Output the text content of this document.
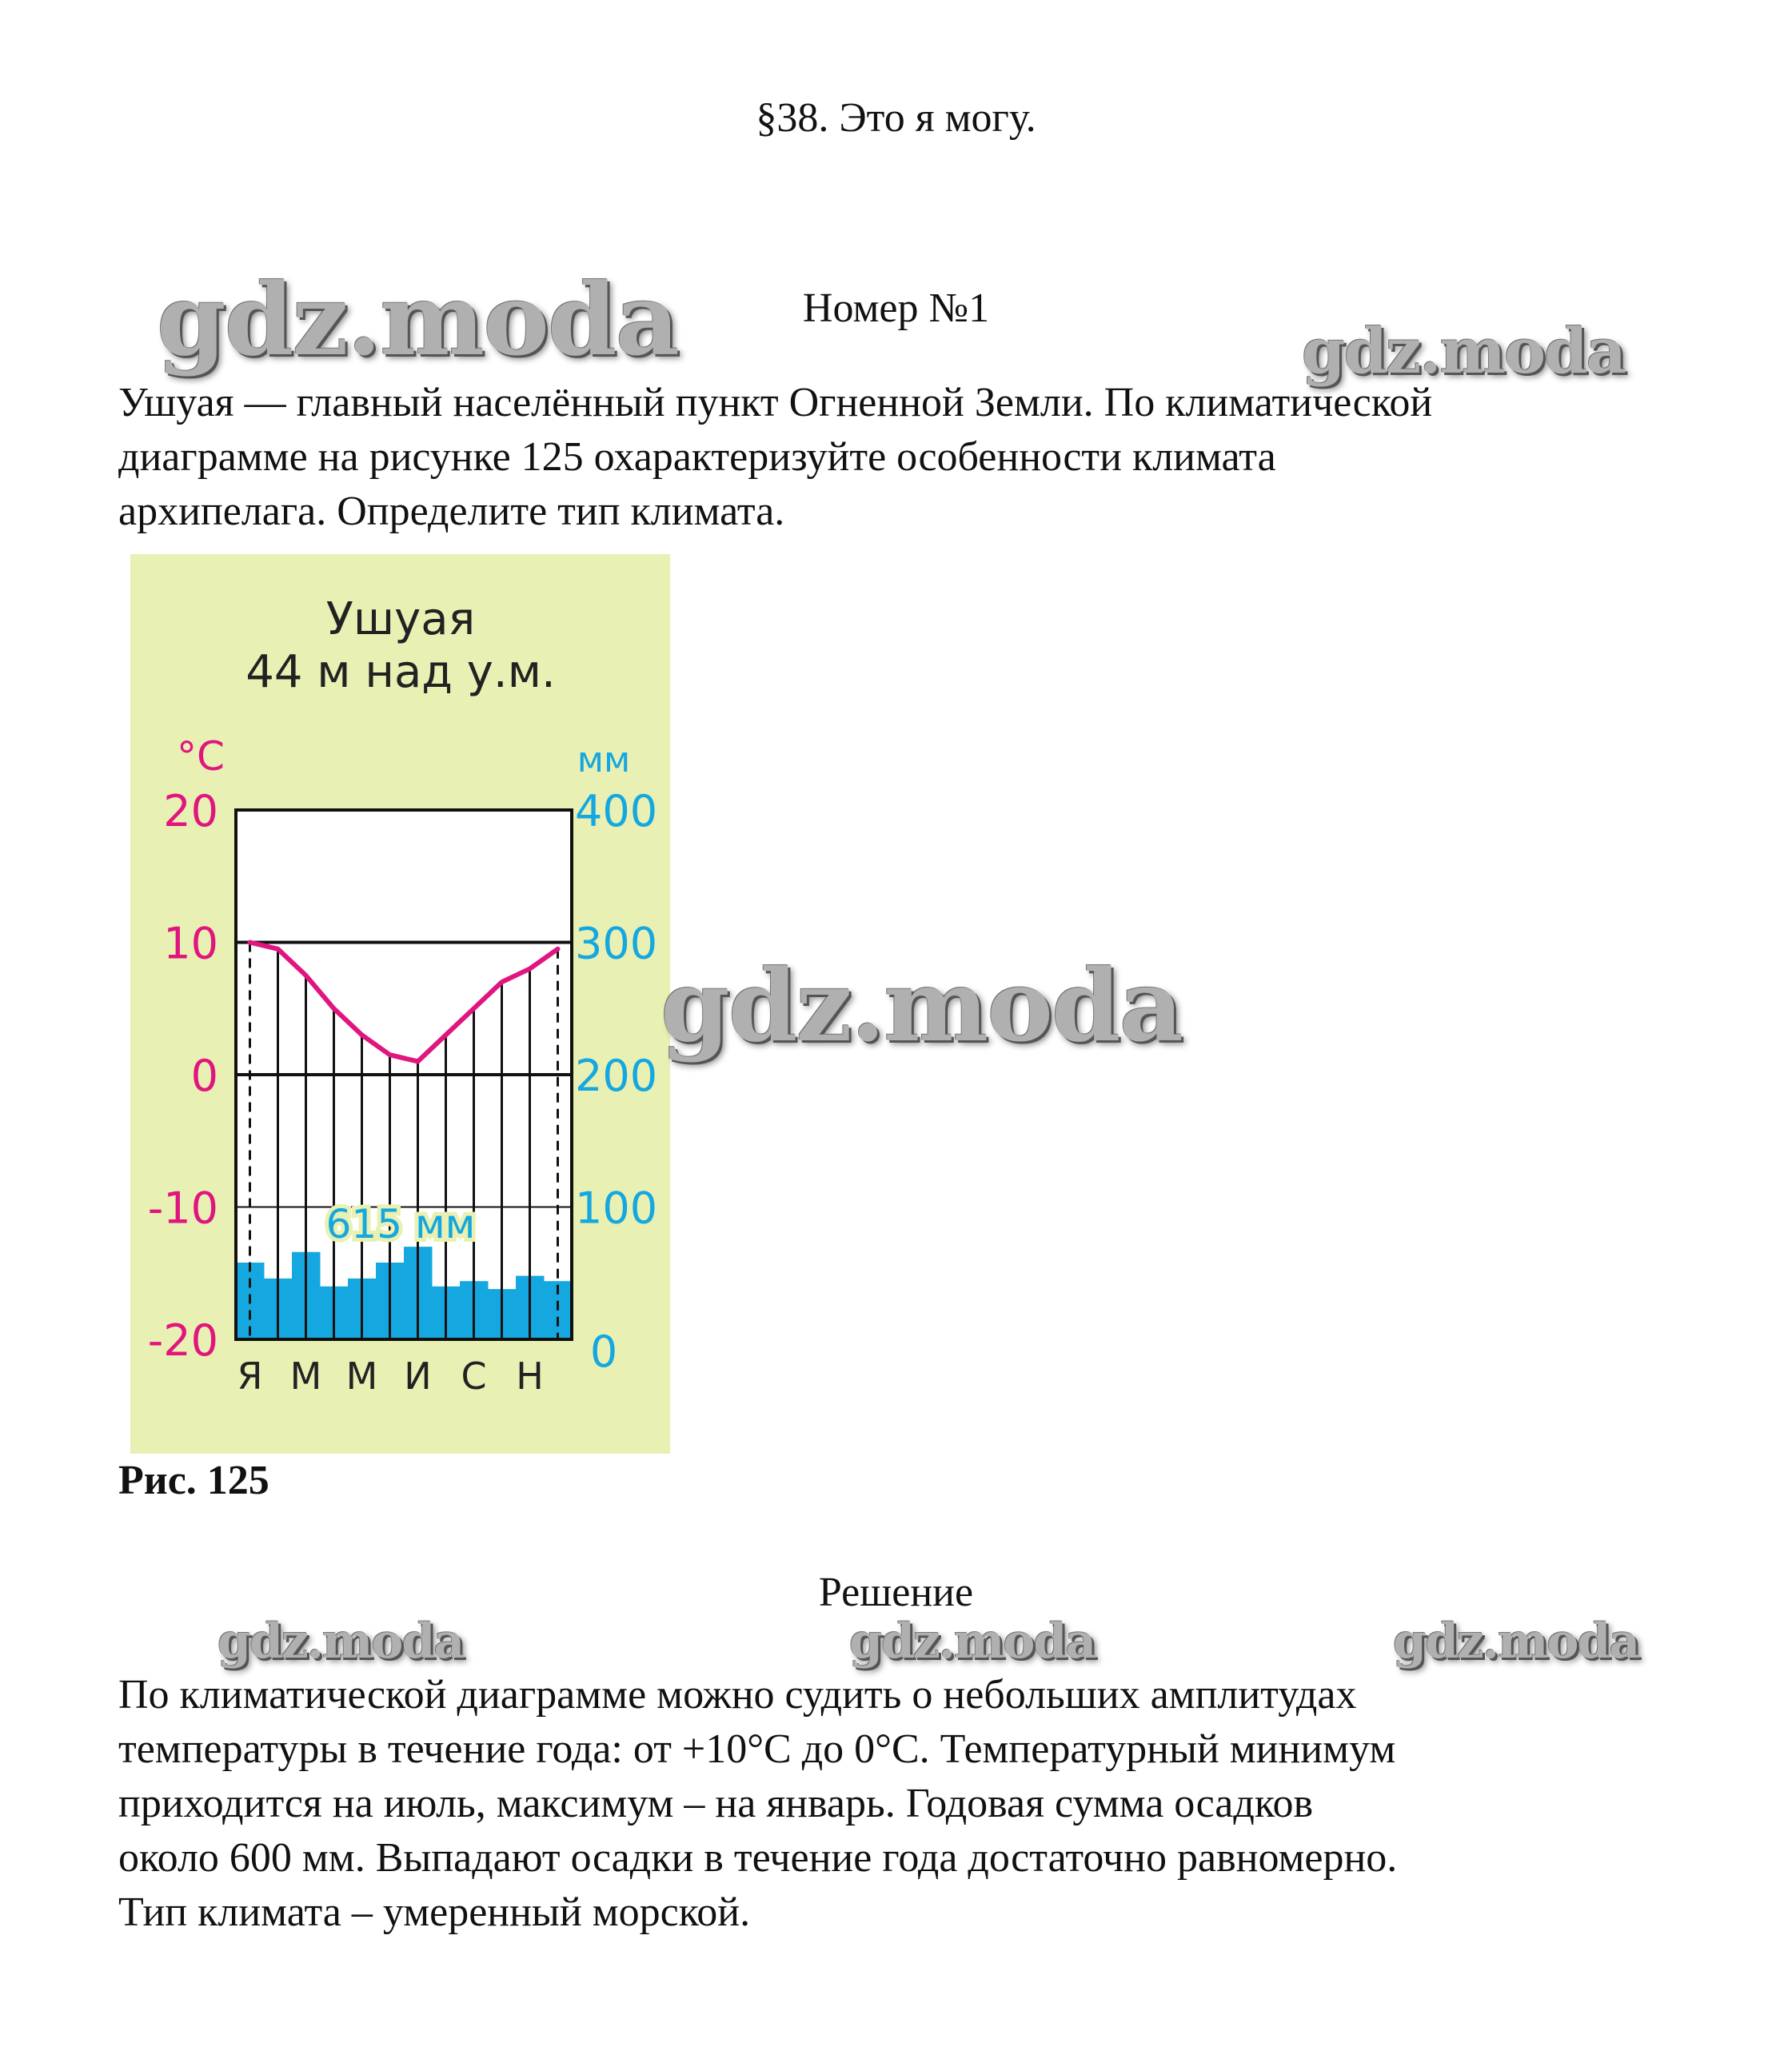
§38. Это я могу.
Номер №1
Ушуая — главный населённый пункт Огненной Земли. По климатической
диаграмме на рисунке 125 охарактеризуйте особенности климата
архипелага. Определите тип климата.
Ушуая
44 м над у.м.
°C	мм
20
10
0
-10
-20
400
300
200
100
0
Я М М И С Н
615 мм
gdz.moda	gdz.moda
gdz.moda
gdz.moda	gdz.moda	gdz.moda
Рис. 125
Решение
По климатической диаграмме можно судить о небольших амплитудах
температуры в течение года: от +10°С до 0°С. Температурный минимум
приходится на июль, максимум – на январь. Годовая сумма осадков
около 600 мм. Выпадают осадки в течение года достаточно равномерно.
Тип климата – умеренный морской.
